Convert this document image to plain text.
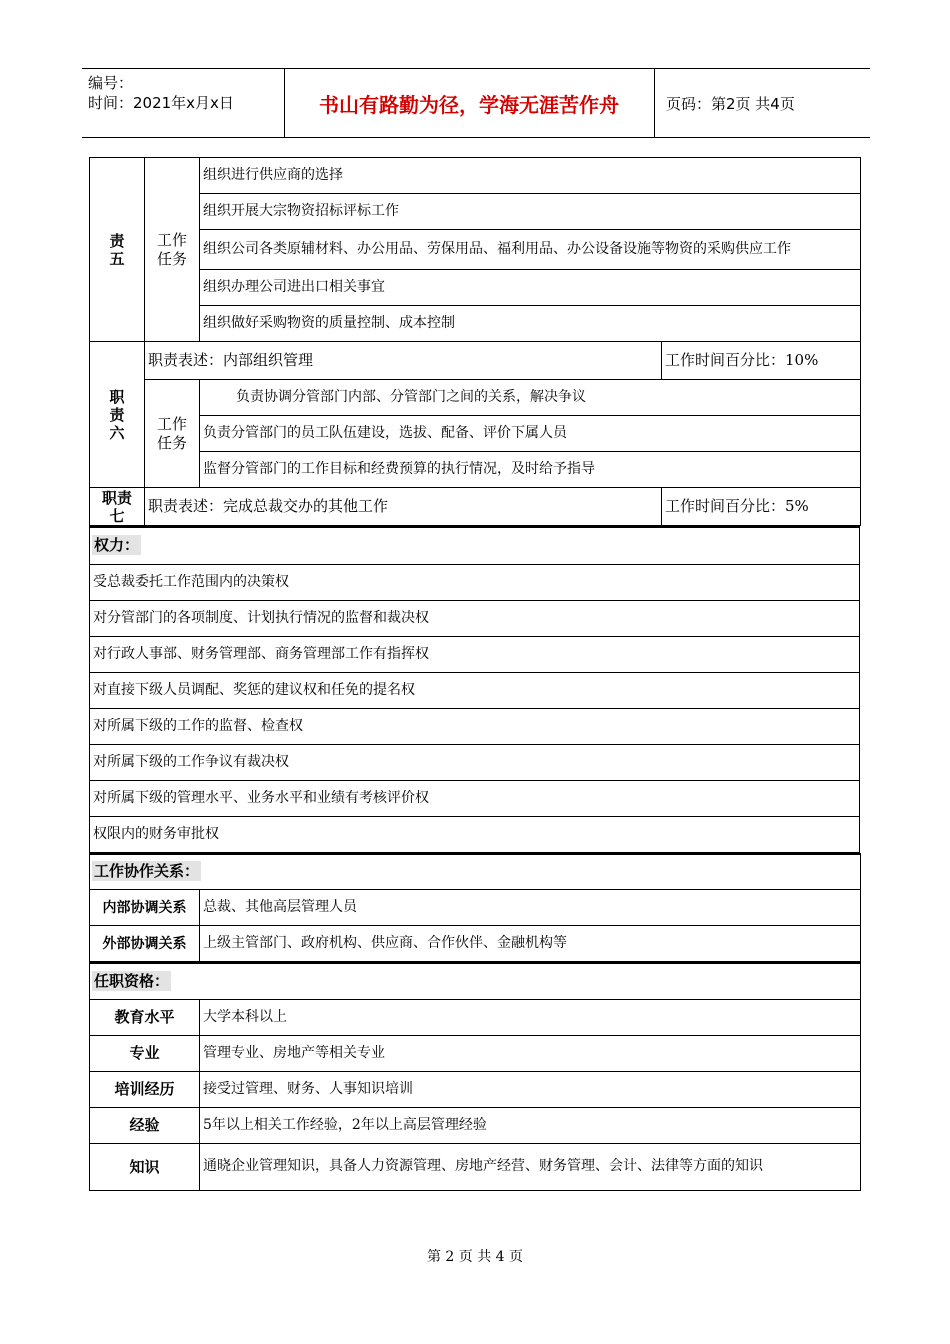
编号：
时间：2021年x月x日	书山有路勤为径，学海无涯苦作舟	页码：第2页 共4页
责
五	工作
任务	组织进行供应商的选择	
		组织开展大宗物资招标评标工作	
		组织公司各类原辅材料、办公用品、劳保用品、福利用品、办公设备设施等物资的采购供应工作	
		组织办理公司进出口相关事宜	
		组织做好采购物资的质量控制、成本控制	
职
责
六	职责表述：内部组织管理		工作时间百分比：10%
	工作
任务	负责协调分管部门内部、分管部门之间的关系，解决争议	
		负责分管部门的员工队伍建设，选拔、配备、评价下属人员	
		监督分管部门的工作目标和经费预算的执行情况，及时给予指导	
职责
七	职责表述：完成总裁交办的其他工作		工作时间百分比：5%
权力：
受总裁委托工作范围内的决策权
对分管部门的各项制度、计划执行情况的监督和裁决权
对行政人事部、财务管理部、商务管理部工作有指挥权
对直接下级人员调配、奖惩的建议权和任免的提名权
对所属下级的工作的监督、检查权
对所属下级的工作争议有裁决权
对所属下级的管理水平、业务水平和业绩有考核评价权
权限内的财务审批权
工作协作关系：	
内部协调关系	总裁、其他高层管理人员
外部协调关系	上级主管部门、政府机构、供应商、合作伙伴、金融机构等
任职资格：	
教育水平	大学本科以上
专业	管理专业、房地产等相关专业
培训经历	接受过管理、财务、人事知识培训
经验	5年以上相关工作经验，2年以上高层管理经验
知识	通晓企业管理知识，具备人力资源管理、房地产经营、财务管理、会计、法律等方面的知识
第 2 页 共 4 页
